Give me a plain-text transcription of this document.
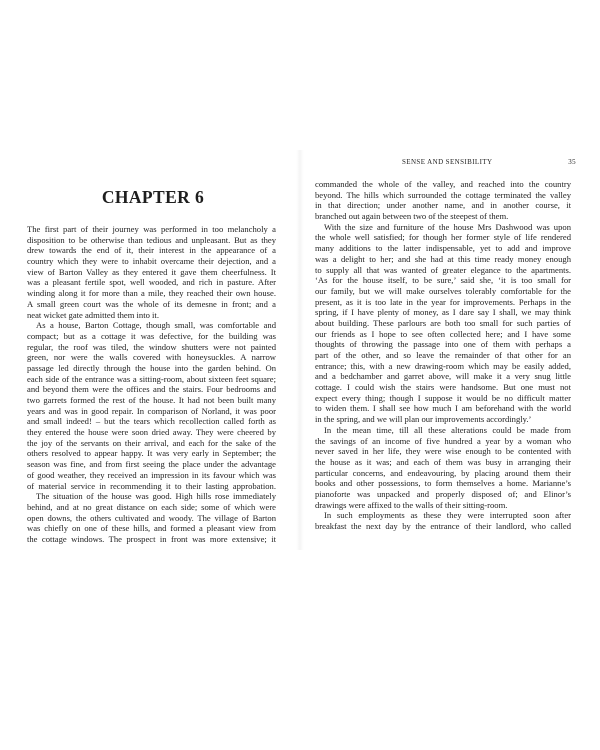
CHAPTER 6
The first part of their journey was performed in too melancholy a
disposition to be otherwise than tedious and unpleasant. But as they
drew towards the end of it, their interest in the appearance of a
country which they were to inhabit overcame their dejection, and a
view of Barton Valley as they entered it gave them cheerfulness. It
was a pleasant fertile spot, well wooded, and rich in pasture. After
winding along it for more than a mile, they reached their own house.
A small green court was the whole of its demesne in front; and a
neat wicket gate admitted them into it.
As a house, Barton Cottage, though small, was comfortable and
compact; but as a cottage it was defective, for the building was
regular, the roof was tiled, the window shutters were not painted
green, nor were the walls covered with honeysuckles. A narrow
passage led directly through the house into the garden behind. On
each side of the entrance was a sitting-room, about sixteen feet square;
and beyond them were the offices and the stairs. Four bedrooms and
two garrets formed the rest of the house. It had not been built many
years and was in good repair. In comparison of Norland, it was poor
and small indeed! – but the tears which recollection called forth as
they entered the house were soon dried away. They were cheered by
the joy of the servants on their arrival, and each for the sake of the
others resolved to appear happy. It was very early in September; the
season was fine, and from first seeing the place under the advantage
of good weather, they received an impression in its favour which was
of material service in recommending it to their lasting approbation.
The situation of the house was good. High hills rose immediately
behind, and at no great distance on each side; some of which were
open downs, the others cultivated and woody. The village of Barton
was chiefly on one of these hills, and formed a pleasant view from
the cottage windows. The prospect in front was more extensive; it
SENSE AND SENSIBILITY	35
commanded the whole of the valley, and reached into the country
beyond. The hills which surrounded the cottage terminated the valley
in that direction; under another name, and in another course, it
branched out again between two of the steepest of them.
With the size and furniture of the house Mrs Dashwood was upon
the whole well satisfied; for though her former style of life rendered
many additions to the latter indispensable, yet to add and improve
was a delight to her; and she had at this time ready money enough
to supply all that was wanted of greater elegance to the apartments.
‘As for the house itself, to be sure,’ said she, ‘it is too small for
our family, but we will make ourselves tolerably comfortable for the
present, as it is too late in the year for improvements. Perhaps in the
spring, if I have plenty of money, as I dare say I shall, we may think
about building. These parlours are both too small for such parties of
our friends as I hope to see often collected here; and I have some
thoughts of throwing the passage into one of them with perhaps a
part of the other, and so leave the remainder of that other for an
entrance; this, with a new drawing-room which may be easily added,
and a bedchamber and garret above, will make it a very snug little
cottage. I could wish the stairs were handsome. But one must not
expect every thing; though I suppose it would be no difficult matter
to widen them. I shall see how much I am beforehand with the world
in the spring, and we will plan our improvements accordingly.’
In the mean time, till all these alterations could be made from
the savings of an income of five hundred a year by a woman who
never saved in her life, they were wise enough to be contented with
the house as it was; and each of them was busy in arranging their
particular concerns, and endeavouring, by placing around them their
books and other possessions, to form themselves a home. Marianne’s
pianoforte was unpacked and properly disposed of; and Elinor’s
drawings were affixed to the walls of their sitting-room.
In such employments as these they were interrupted soon after
breakfast the next day by the entrance of their landlord, who called
